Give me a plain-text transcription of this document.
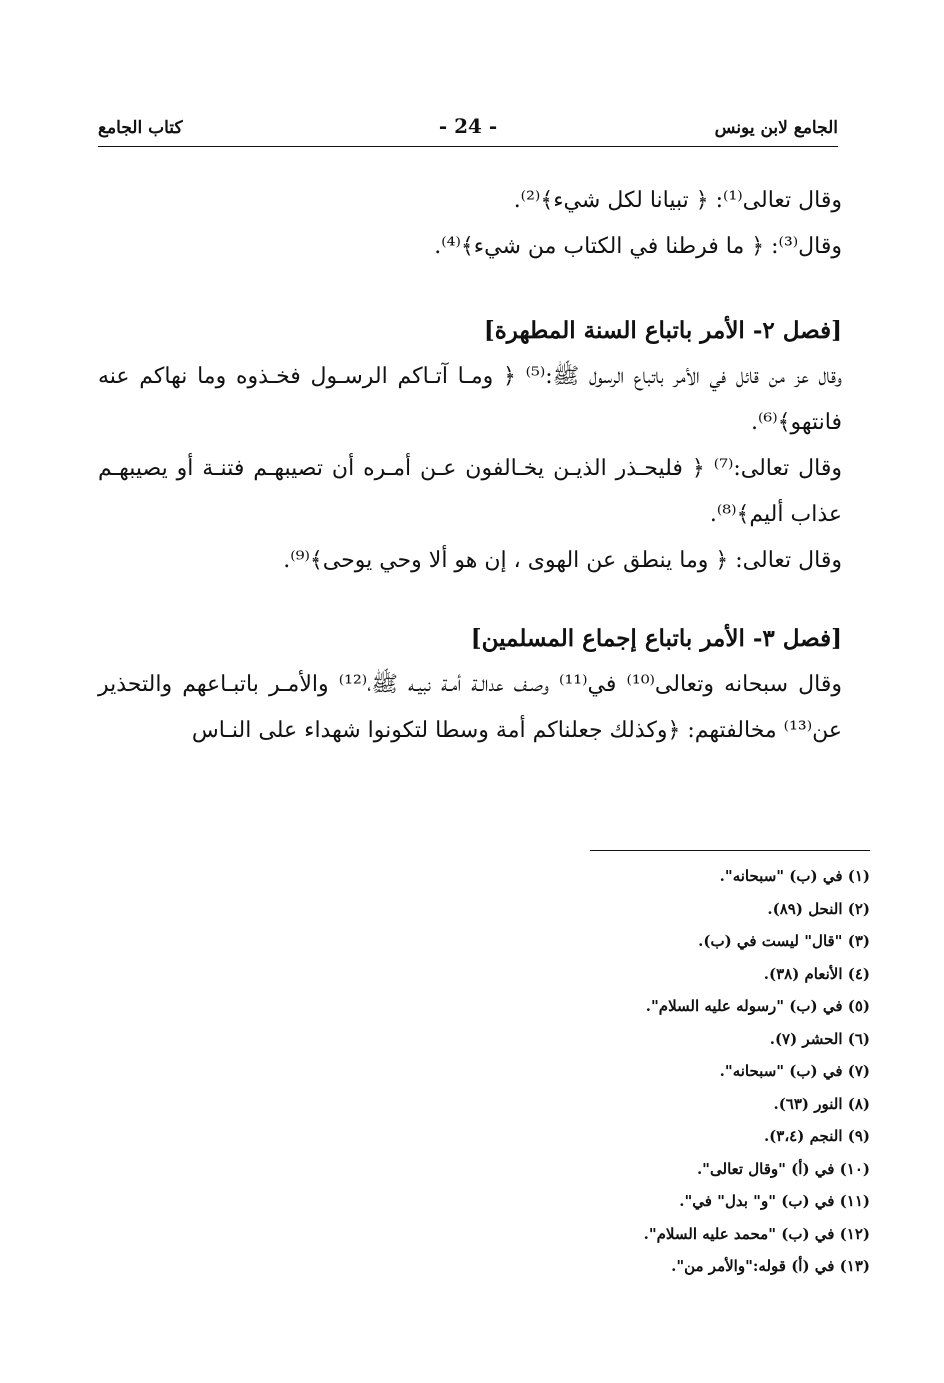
الجامع لابن يونس
- 24 -
كتاب الجامع

وقال تعالى⁽¹⁾: ﴿ تبيانا لكل شيء﴾⁽²⁾.

وقال⁽³⁾: ﴿ ما فرطنا في الكتاب من شيء﴾⁽⁴⁾.

[فصل ٢- الأمر باتباع السنة المطهرة]

وقال عز من قائل في الأمر باتباع الرسول ﷺ:⁽⁵⁾ ﴿ ومـا آتـاكم الرسـول فخـذوه وما نهاكم عنه فانتهو﴾⁽⁶⁾.

وقال تعالى:⁽⁷⁾ ﴿ فليحـذر الذيـن يخـالفون عـن أمـره أن تصيبهـم فتنـة أو يصيبهـم عذاب أليم﴾⁽⁸⁾.

وقال تعالى: ﴿ وما ينطق عن الهوى ، إن هو ألا وحي يوحى﴾⁽⁹⁾.

[فصل ٣- الأمر باتباع إجماع المسلمين]

وقال سبحانه وتعالى⁽¹⁰⁾ في⁽¹¹⁾ وصـف عدالـة أمـة نبيـه ﷺ،⁽¹²⁾ والأمـر باتبـاعهم والتحذير عن⁽¹³⁾ مخالفتهم: ﴿وكذلك جعلناكم أمة وسطا لتكونوا شهداء على النـاس

(١) في (ب) "سبحانه".

(٢) النحل (٨٩).

(٣) "قال" ليست في (ب).

(٤) الأنعام (٣٨).

(٥) في (ب) "رسوله عليه السلام".

(٦) الحشر (٧).

(٧) في (ب) "سبحانه".

(٨) النور (٦٣).

(٩) النجم (٣،٤).

(١٠) في (أ) "وقال تعالى".

(١١) في (ب) "و" بدل" في".

(١٢) في (ب) "محمد عليه السلام".

(١٣) في (أ) قوله:"والأمر من".
